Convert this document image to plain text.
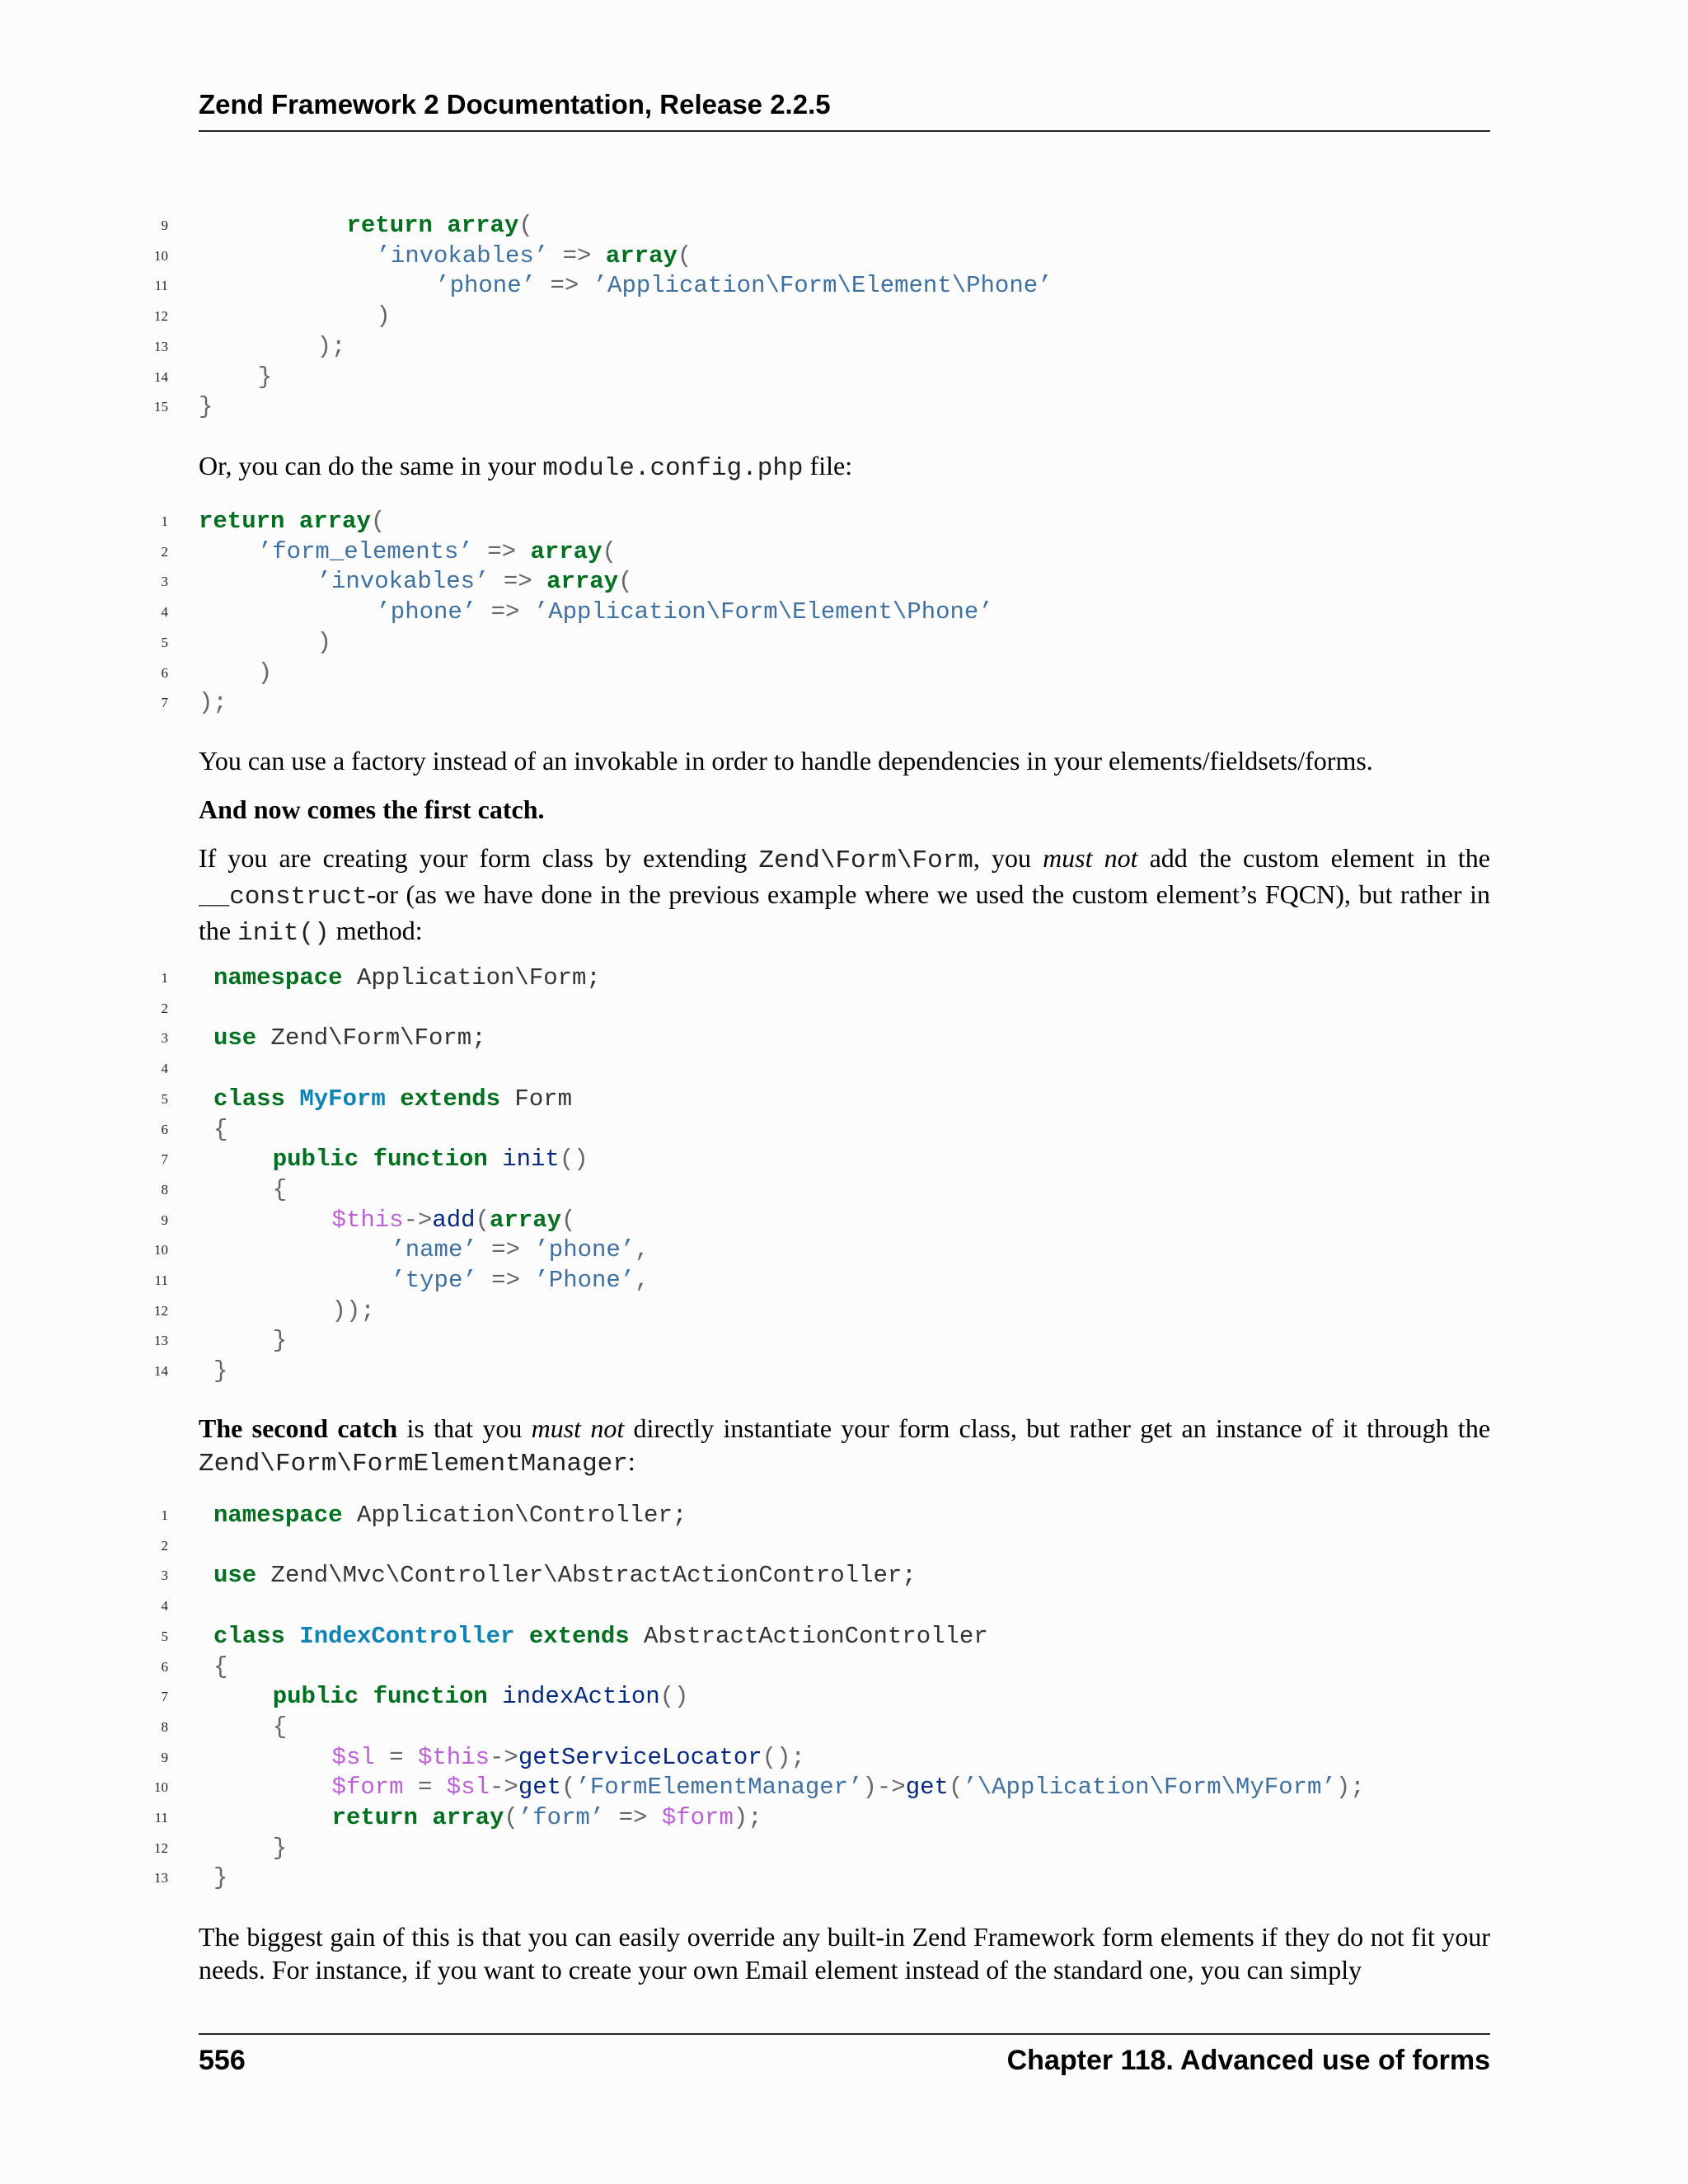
Zend Framework 2 Documentation, Release 2.2.5
9	return array(
10	’invokables’ => array(
11	’phone’ => ’Application\Form\Element\Phone’
12	)
13	);
14	}
15 }
Or, you can do the same in your module.config.php file:
1 return array(
2	’form_elements’ => array(
3	’invokables’ => array(
4	’phone’ => ’Application\Form\Element\Phone’
5	)
6	)
7 );
You can use a factory instead of an invokable in order to handle dependencies in your elements/fieldsets/forms.
And now comes the first catch.
If you are creating your form class by extending Zend\Form\Form, you must not add the custom element in the __construct-or (as we have done in the previous example where we used the custom element’s FQCN), but rather in the init() method:
1 namespace Application\Form;
2
3 use Zend\Form\Form;
4
5 class MyForm extends Form
6 {
7	public function init()
8	{
9	$this->add(array(
10	’name’ => ’phone’,
11	’type’ => ’Phone’,
12	));
13	}
14 }
The second catch is that you must not directly instantiate your form class, but rather get an instance of it through the Zend\Form\FormElementManager:
1 namespace Application\Controller;
2
3 use Zend\Mvc\Controller\AbstractActionController;
4
5 class IndexController extends AbstractActionController
6 {
7	public function indexAction()
8	{
9	$sl = $this->getServiceLocator();
10	$form = $sl->get(’FormElementManager’)->get(’\Application\Form\MyForm’);
11	return array(’form’ => $form);
12	}
13 }
The biggest gain of this is that you can easily override any built-in Zend Framework form elements if they do not fit your needs. For instance, if you want to create your own Email element instead of the standard one, you can simply
556	Chapter 118. Advanced use of forms
